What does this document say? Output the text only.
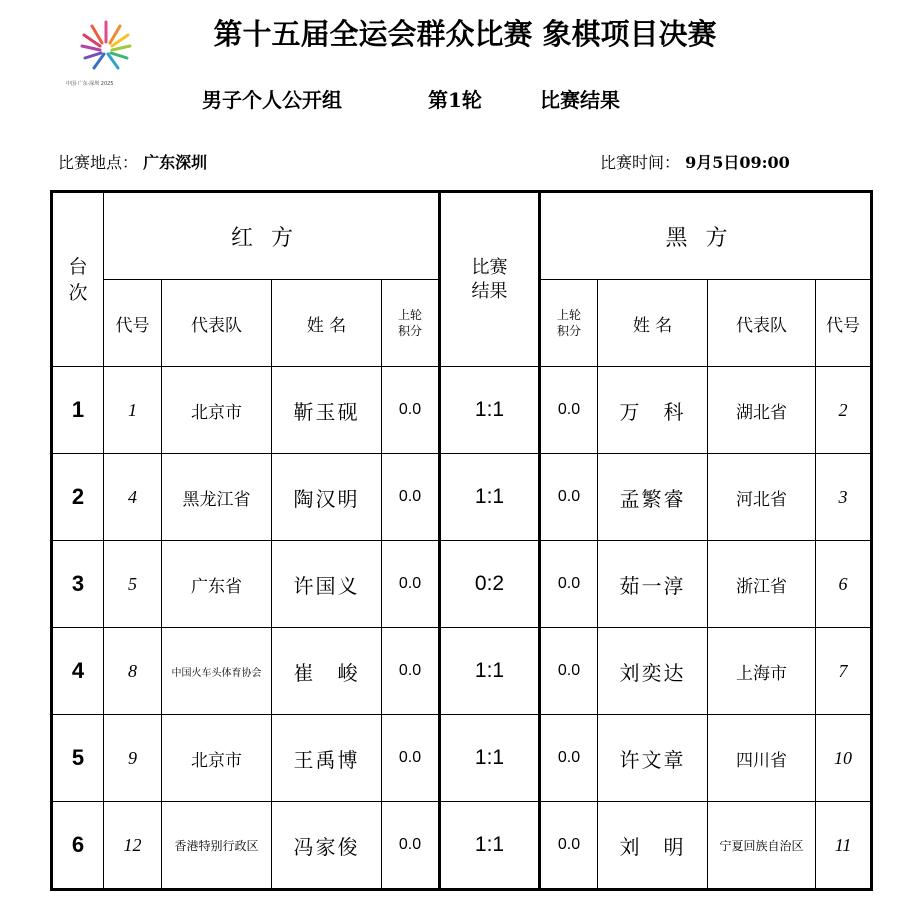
中国·广东·深圳 2025
第十五届全运会群众比赛 象棋项目决赛
男子个人公开组	第1轮	比赛结果
比赛地点： 广东深圳	比赛时间： 9月5日09:00
台次	红方				比赛结果	黑方			
	代号	代表队	姓 名	上轮积分		上轮积分	姓 名	代表队	代号
1	1	北京市	靳玉砚	0.0	1:1	0.0	万　科	湖北省	2
2	4	黑龙江省	陶汉明	0.0	1:1	0.0	孟繁睿	河北省	3
3	5	广东省	许国义	0.0	0:2	0.0	茹一淳	浙江省	6
4	8	中国火车头体育协会	崔　峻	0.0	1:1	0.0	刘奕达	上海市	7
5	9	北京市	王禹博	0.0	1:1	0.0	许文章	四川省	10
6	12	香港特别行政区	冯家俊	0.0	1:1	0.0	刘　明	宁夏回族自治区	11
